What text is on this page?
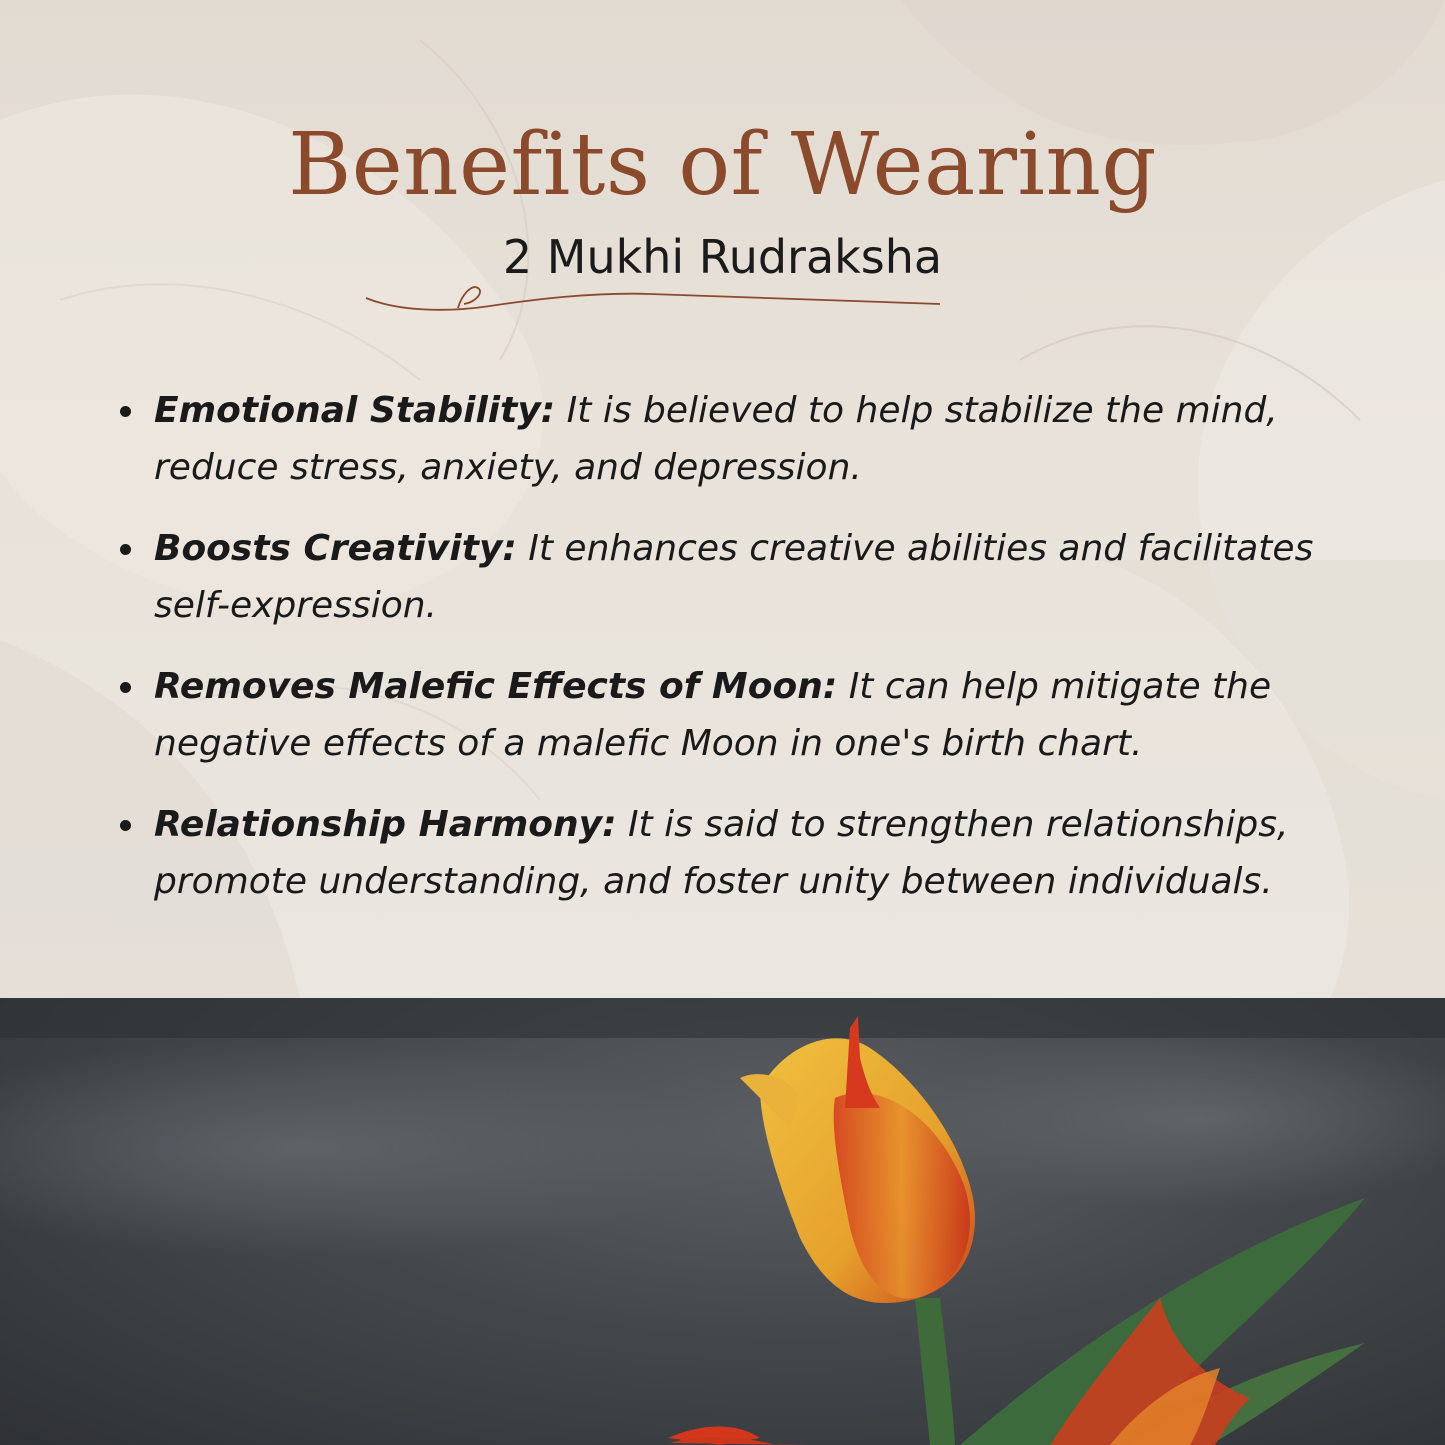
Benefits of Wearing
2 Mukhi Rudraksha
Emotional Stability: It is believed to help stabilize the mind, reduce stress, anxiety, and depression.
Boosts Creativity: It enhances creative abilities and facilitates self-expression.
Removes Malefic Effects of Moon: It can help mitigate the negative effects of a malefic Moon in one's birth chart.
Relationship Harmony: It is said to strengthen relationships, promote understanding, and foster unity between individuals.
